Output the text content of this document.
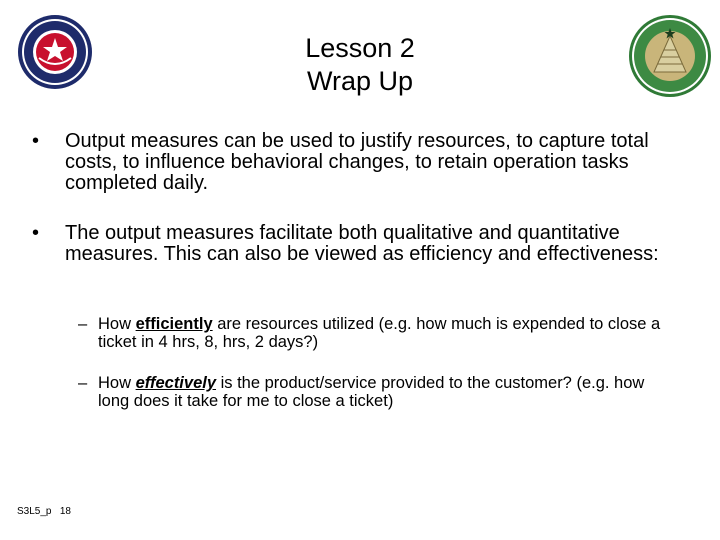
Lesson 2
Wrap Up
• Output measures can be used to justify resources, to capture total costs, to influence behavioral changes, to retain operation tasks completed daily.
• The output measures facilitate both qualitative and quantitative measures. This can also be viewed as efficiency and effectiveness:
– How efficiently are resources utilized (e.g. how much is expended to close a ticket in 4 hrs, 8, hrs, 2 days?)
– How effectively is the product/service provided to the customer? (e.g. how long does it take for me to close a ticket)
S3L5_p 18
